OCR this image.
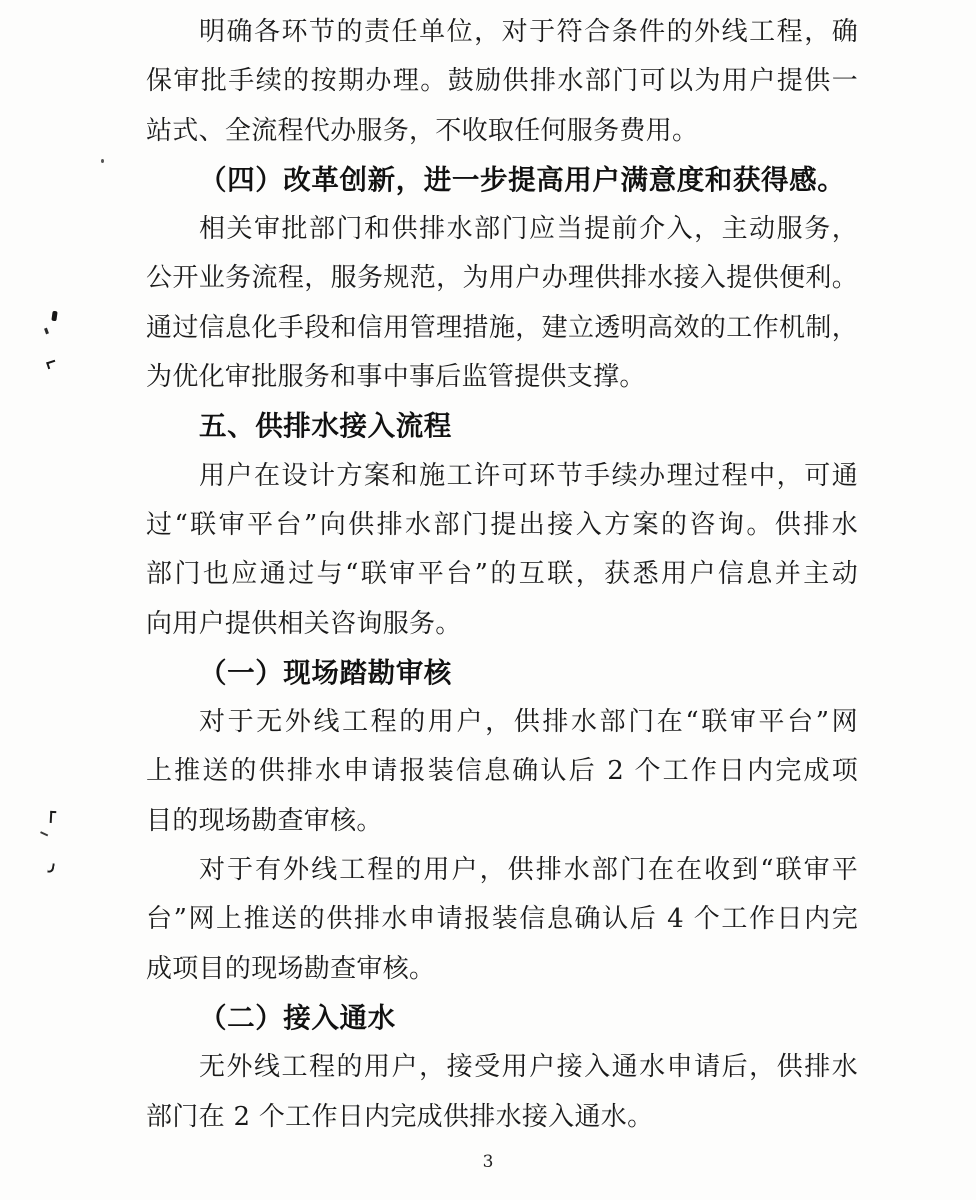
明确各环节的责任单位，对于符合条件的外线工程，确
保审批手续的按期办理。鼓励供排水部门可以为用户提供一
站式、全流程代办服务，不收取任何服务费用。
（四）改革创新，进一步提高用户满意度和获得感。
相关审批部门和供排水部门应当提前介入，主动服务，
公开业务流程，服务规范，为用户办理供排水接入提供便利。
通过信息化手段和信用管理措施，建立透明高效的工作机制，
为优化审批服务和事中事后监管提供支撑。
五、供排水接入流程
用户在设计方案和施工许可环节手续办理过程中，可通
过“联审平台”向供排水部门提出接入方案的咨询。供排水
部门也应通过与“联审平台”的互联，获悉用户信息并主动
向用户提供相关咨询服务。
（一）现场踏勘审核
对于无外线工程的用户，供排水部门在“联审平台”网
上推送的供排水申请报装信息确认后 2 个工作日内完成项
目的现场勘查审核。
对于有外线工程的用户，供排水部门在在收到“联审平
台”网上推送的供排水申请报装信息确认后 4 个工作日内完
成项目的现场勘查审核。
（二）接入通水
无外线工程的用户，接受用户接入通水申请后，供排水
部门在 2 个工作日内完成供排水接入通水。
3
